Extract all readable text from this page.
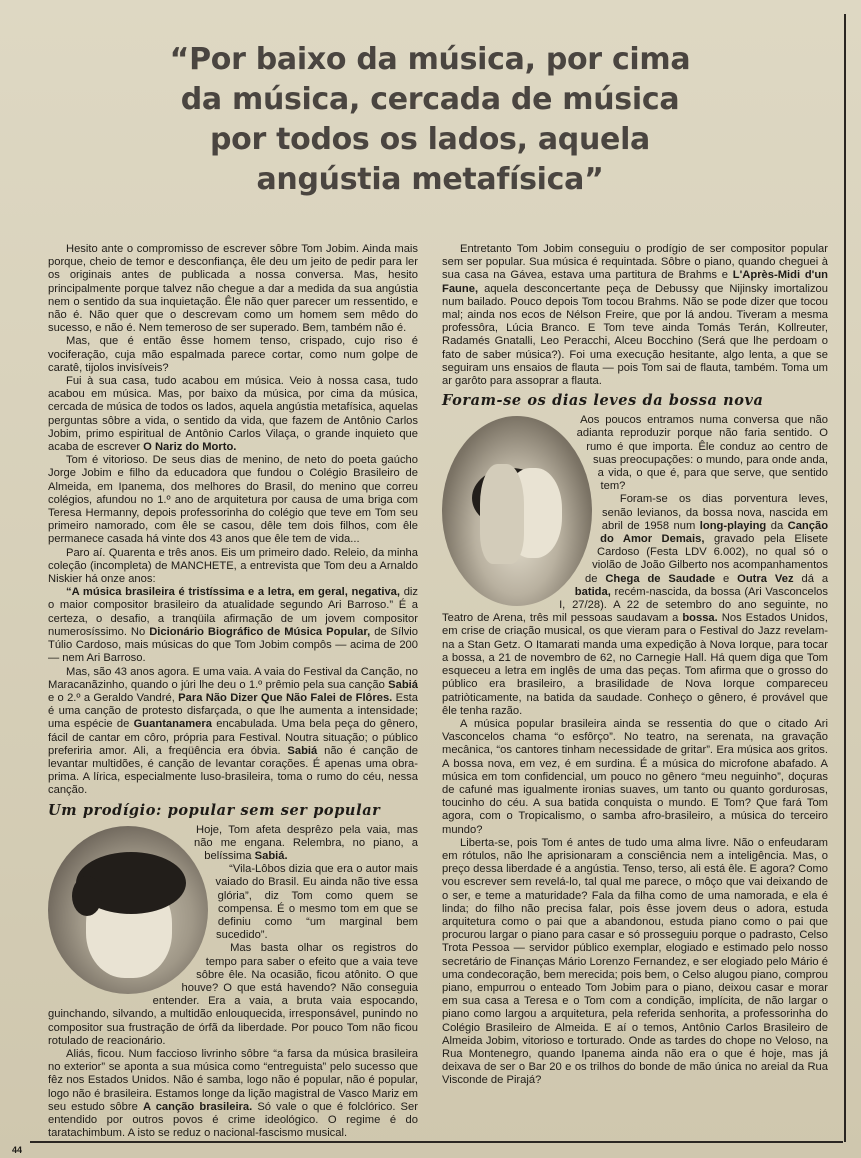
“Por baixo da música, por cima da música, cercada de música por todos os lados, aquela angústia metafísica”

Hesito ante o compromisso de escrever sôbre Tom Jobim. Ainda mais porque, cheio de temor e desconfiança, êle deu um jeito de pedir para ler os originais antes de publicada a nossa conversa. Mas, hesito principalmente porque talvez não chegue a dar a medida da sua angústia nem o sentido da sua inquietação. Êle não quer parecer um ressentido, e não é. Não quer que o descrevam como um homem sem mêdo do sucesso, e não é. Nem temeroso de ser superado. Bem, também não é.

Mas, que é então êsse homem tenso, crispado, cujo riso é vociferação, cuja mão espalmada parece cortar, como num golpe de caratê, tijolos invisíveis?

Fui à sua casa, tudo acabou em música. Veio à nossa casa, tudo acabou em música. Mas, por baixo da música, por cima da música, cercada de música de todos os lados, aquela angústia metafísica, aquelas perguntas sôbre a vida, o sentido da vida, que fazem de Antônio Carlos Jobim, primo espiritual de Antônio Carlos Vilaça, o grande inquieto que acaba de escrever O Nariz do Morto.

Tom é vitorioso. De seus dias de menino, de neto do poeta gaúcho Jorge Jobim e filho da educadora que fundou o Colégio Brasileiro de Almeida, em Ipanema, dos melhores do Brasil, do menino que correu colégios, afundou no 1.º ano de arquitetura por causa de uma briga com Teresa Hermanny, depois professorinha do colégio que teve em Tom seu primeiro namorado, com êle se casou, dêle tem dois filhos, com êle permanece casada há vinte dos 43 anos que êle tem de vida...

Paro aí. Quarenta e três anos. Eis um primeiro dado. Releio, da minha coleção (incompleta) de MANCHETE, a entrevista que Tom deu a Arnaldo Niskier há onze anos:

“A música brasileira é tristíssima e a letra, em geral, negativa, diz o maior compositor brasileiro da atualidade segundo Ari Barroso.” É a certeza, o desafio, a tranqüila afirmação de um jovem compositor numerosíssimo. No Dicionário Biográfico de Música Popular, de Sílvio Túlio Cardoso, mais músicas do que Tom Jobim compôs — acima de 200 — nem Ari Barroso.

Mas, são 43 anos agora. E uma vaia. A vaia do Festival da Canção, no Maracanãzinho, quando o júri lhe deu o 1.º prêmio pela sua canção Sabiá e o 2.º a Geraldo Vandré, Para Não Dizer Que Não Falei de Flôres. Esta é uma canção de protesto disfarçada, o que lhe aumenta a intensidade; uma espécie de Guantanamera encabulada. Uma bela peça do gênero, fácil de cantar em côro, própria para Festival. Noutra situação; o público preferiria amor. Ali, a freqüência era óbvia. Sabiá não é canção de levantar multidões, é canção de levantar corações. É apenas uma obra-prima. A lírica, especialmente luso-brasileira, toma o rumo do céu, nessa canção.

Um prodígio: popular sem ser popular

Hoje, Tom afeta desprêzo pela vaia, mas não me engana. Relembra, no piano, a belíssima Sabiá.

“Vila-Lôbos dizia que era o autor mais vaiado do Brasil. Eu ainda não tive essa glória”, diz Tom como quem se compensa. É o mesmo tom em que se definiu como “um marginal bem sucedido”.

Mas basta olhar os registros do tempo para saber o efeito que a vaia teve sôbre êle. Na ocasião, ficou atônito. O que houve? O que está havendo? Não conseguia entender. Era a vaia, a bruta vaia espocando, guinchando, silvando, a multidão enlouquecida, irresponsável, punindo no compositor sua frustração de órfã da liberdade. Por pouco Tom não ficou rotulado de reacionário.

Aliás, ficou. Num faccioso livrinho sôbre “a farsa da música brasileira no exterior” se aponta a sua música como “entreguista” pelo sucesso que fêz nos Estados Unidos. Não é samba, logo não é popular, não é popular, logo não é brasileira. Estamos longe da lição magistral de Vasco Mariz em seu estudo sôbre A canção brasileira. Só vale o que é folclórico. Ser entendido por outros povos é crime ideológico. O regime é do taratachimbum. A isto se reduz o nacional-fascismo musical.

Entretanto Tom Jobim conseguiu o prodígio de ser compositor popular sem ser popular. Sua música é requintada. Sôbre o piano, quando cheguei à sua casa na Gávea, estava uma partitura de Brahms e L'Après-Midi d'un Faune, aquela desconcertante peça de Debussy que Nijinsky imortalizou num bailado. Pouco depois Tom tocou Brahms. Não se pode dizer que tocou mal; ainda nos ecos de Nélson Freire, que por lá andou. Tiveram a mesma professôra, Lúcia Branco. E Tom teve ainda Tomás Terán, Kollreuter, Radamés Gnatalli, Leo Peracchi, Alceu Bocchino (Será que lhe perdoam o fato de saber música?). Foi uma execução hesitante, algo lenta, a que se seguiram uns ensaios de flauta — pois Tom sai de flauta, também. Toma um ar garôto para assoprar a flauta.

Foram-se os dias leves da bossa nova

Aos poucos entramos numa conversa que não adianta reproduzir porque não faria sentido. O rumo é que importa. Êle conduz ao centro de suas preocupações: o mundo, para onde anda, a vida, o que é, para que serve, que sentido tem?

Foram-se os dias porventura leves, senão levianos, da bossa nova, nascida em abril de 1958 num long-playing da Canção do Amor Demais, gravado pela Elisete Cardoso (Festa LDV 6.002), no qual só o violão de João Gilberto nos acompanhamentos de Chega de Saudade e Outra Vez dá a batida, recém-nascida, da bossa (Ari Vasconcelos I, 27/28). A 22 de setembro do ano seguinte, no Teatro de Arena, três mil pessoas saudavam a bossa. Nos Estados Unidos, em crise de criação musical, os que vieram para o Festival do Jazz revelam-na a Stan Getz. O Itamarati manda uma expedição à Nova Iorque, para tocar a bossa, a 21 de novembro de 62, no Carnegie Hall. Há quem diga que Tom esqueceu a letra em inglês de uma das peças. Tom afirma que o grosso do público era brasileiro, a brasilidade de Nova Iorque compareceu patriòticamente, na batida da saudade. Conheço o gênero, é provável que êle tenha razão.

A música popular brasileira ainda se ressentia do que o citado Ari Vasconcelos chama “o esfôrço”. No teatro, na serenata, na gravação mecânica, “os cantores tinham necessidade de gritar”. Era música aos gritos. A bossa nova, em vez, é em surdina. É a música do microfone abafado. A música em tom confidencial, um pouco no gênero “meu neguinho”, doçuras de cafuné mas igualmente ironias suaves, um tanto ou quanto gordurosas, toucinho do céu. A sua batida conquista o mundo. E Tom? Que fará Tom agora, com o Tropicalismo, o samba afro-brasileiro, a música do terceiro mundo?

Liberta-se, pois Tom é antes de tudo uma alma livre. Não o enfeudaram em rótulos, não lhe aprisionaram a consciência nem a inteligência. Mas, o preço dessa liberdade é a angústia. Tenso, terso, ali está êle. E agora? Como vou escrever sem revelá-lo, tal qual me parece, o môço que vai deixando de o ser, e teme a maturidade? Fala da filha como de uma namorada, e ela é linda; do filho não precisa falar, pois êsse jovem deus o adora, estuda arquitetura como o pai que a abandonou, estuda piano como o pai que procurou largar o piano para casar e só prosseguiu porque o padrasto, Celso Trota Pessoa — servidor público exemplar, elogiado e estimado pelo nosso secretário de Finanças Mário Lorenzo Fernandez, e ser elogiado pelo Mário é uma condecoração, bem merecida; pois bem, o Celso alugou piano, comprou piano, empurrou o enteado Tom Jobim para o piano, deixou casar e morar em sua casa a Teresa e o Tom com a condição, implícita, de não largar o piano como largou a arquitetura, pela referida senhorita, a professorinha do Colégio Brasileiro de Almeida. E aí o temos, Antônio Carlos Brasileiro de Almeida Jobim, vitorioso e torturado. Onde as tardes do chope no Veloso, na Rua Montenegro, quando Ipanema ainda não era o que é hoje, mas já deixava de ser o Bar 20 e os trilhos do bonde de mão única no areial da Rua Visconde de Pirajá?

44
